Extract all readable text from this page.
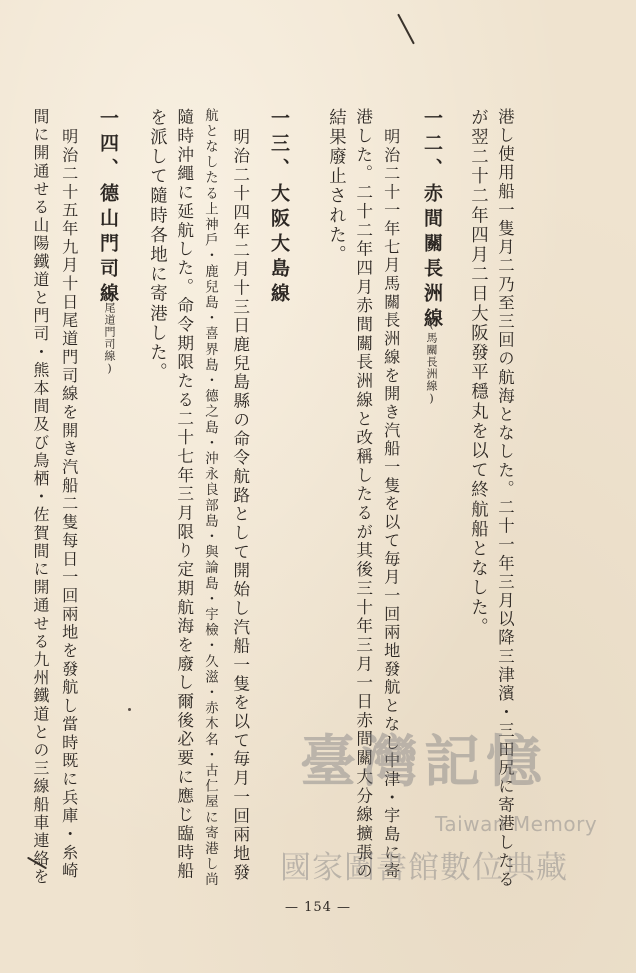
港し使用船一隻月二乃至三回の航海となした。二十一年三月以降三津濱・三田尻に寄港したる
が翌二十二年四月二日大阪發平穩丸を以て終航船となした。
一二、赤間關長洲線
(馬關長洲線)
明治二十一年七月馬關長洲線を開き汽船一隻を以て毎月一回兩地發航となし中津・宇島に寄
港した。二十二年四月赤間關長洲線と改稱したるが其後三十年三月一日赤間關大分線擴張の
結果廢止された。
一三、大阪大島線
明治二十四年二月十三日鹿兒島縣の命令航路として開始し汽船一隻を以て毎月一回兩地發
航となしたる上神戶・鹿兒島・喜界島・德之島・沖永良部島・與論島・宇檢・久滋・赤木名・古仁屋に寄港し尚
隨時沖繩に延航した。命令期限たる二十七年三月限り定期航海を廢し爾後必要に應じ臨時船
を派して隨時各地に寄港した。
一四、德山門司線
(尾道門司線)
明治二十五年九月十日尾道門司線を開き汽船二隻每日一回兩地を發航し當時既に兵庫・糸崎
間に開通せる山陽鐵道と門司・熊本間及び鳥栖・佐賀間に開通せる九州鐵道との三線船車連絡を
— 154 —
臺灣記憶
Taiwan Memory
國家圖書館數位典藏
